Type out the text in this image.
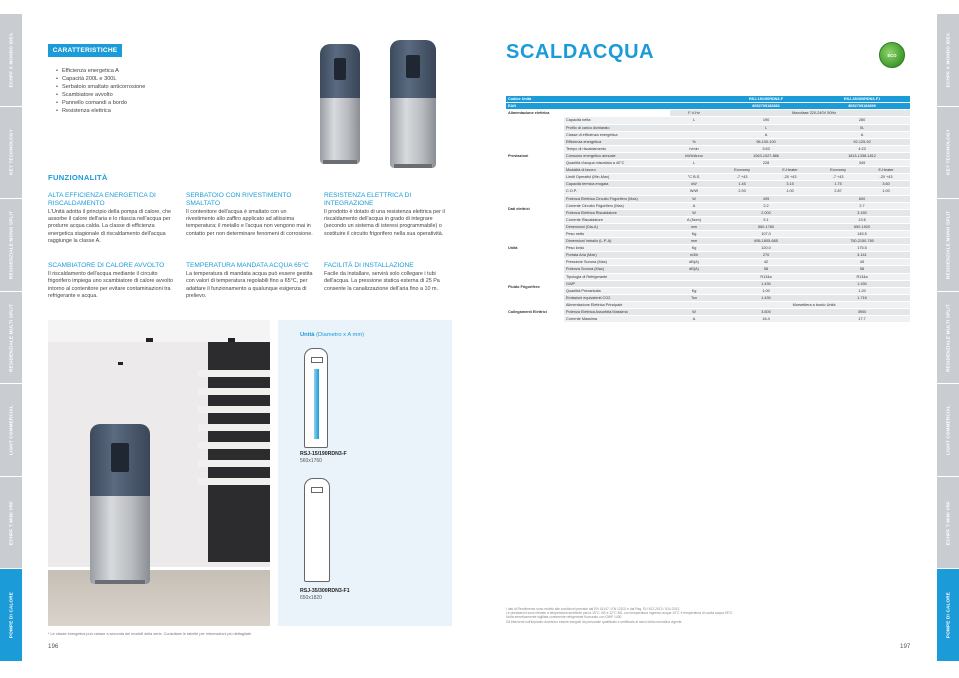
ECHPF X MONDO IDEA
KEY TECHNOLOGY
RESIDENZIALE MONO SPLIT
RESIDENZIALE MULTI SPLIT
LIGHT COMMERCIAL
ECHPF T MINI VRF
POMPE DI CALORE
ECHPF X MONDO IDEA
KEY TECHNOLOGY
RESIDENZIALE MONO SPLIT
RESIDENZIALE MULTI SPLIT
LIGHT COMMERCIAL
ECHPF T MINI VRF
POMPE DI CALORE
CARATTERISTICHE
• Efficienza energetica A
• Capacità 200L e 300L
• Serbatoio smaltato anticorrosione
• Scambiatore avvolto
• Pannello comandi a bordo
• Resistenza elettrica
FUNZIONALITÀ
ALTA EFFICIENZA ENERGETICA DI RISCALDAMENTO

L'Unità adotta il principio della pompa di calore, che assorbe il calore dell'aria e lo rilascia nell'acqua per produrre acqua calda. La classe di efficienza energetica stagionale di riscaldamento dell'acqua raggiunge la classe A.

SERBATOIO CON RIVESTIMENTO SMALTATO

Il contenitore dell'acqua è smaltato con un rivestimento allo zaffiro applicato ad altissima temperatura; il metallo e l'acqua non vengono mai in contatto per non determinare fenomeni di corrosione.

RESISTENZA ELETTRICA DI INTEGRAZIONE

Il prodotto è dotato di una resistenza elettrica per il riscaldamento dell'acqua in grado di integrare (secondo un sistema di isteresi programmabile) o sostituire il circuito frigorifero nella sua operatività.

SCAMBIATORE DI CALORE AVVOLTO

Il riscaldamento dell'acqua mediante il circuito frigorifero impiega uno scambiatore di calore avvolto intorno al contenitore per evitare contaminazioni tra refrigerante e acqua.

TEMPERATURA MANDATA ACQUA 65°C

La temperatura di mandata acqua può essere gestita con valori di temperatura regolabili fino a 65°C, per adattare il funzionamento a qualunque esigenza di prelievo.

FACILITÀ DI INSTALLAZIONE

Facile da installare, servirà solo collegare i tubi dell'acqua. La pressione statica esterna di 25 Pa consente la canalizzazione dell'aria fino a 10 m.

Unità (Diametro x A mm)
RSJ-15/190RDN3-F
560x1760
RSJ-35/300RDN3-F1
650x1820
* Le classe energetica può variare a seconda dei modelli della serie. Consultare le tabelle per informazioni più dettagliate.
196
SCALDACQUA	ECO
Codice Unità			RSJ-15/190RDN3-F		RSJ-35/300RDN3-F1	
EAN			8052705182882		8052705182899	
Alimentazione elettrica		F-V-Hz	Monofase 220-240V 50Hz			
Prestazioni	Capacità netta	L	190		280	
	Profilo di carico dichiarato		L		XL	
	Classe di efficienza energetica		A		A	
	Efficienza energetica	%	96-100-100		92-125-92	
	Tempo di riscaldamento	h/min	3:53		4:23	
	Consumo energetico annuale	kWh/Anno	1063-1027-886		1813-1338-1812	
	Quantità d'acqua miscelata a 40°C	L	228		349	
	Modalità di lavoro		Economy	E-Heater	Economy	E-Heater
	Limiti Operativi (Min-Max)	°C B.S.	-7 +43	-20 +43	-7 +43	-20 +43
	Capacità termica erogata	kW	1.45	3.15	1.75	3.60
	C.O.P.	W/W	2.93	1.00	2.87	1.00
Dati elettrici	Potenza Elettrica Circuito Frigorifero (Max)	W	495		600	
	Corrente Circuito Frigorifero (Max)	A	2.2		2.7	
	Potenza Elettrica Riscaldatore	W	2.000		3.150	
	Corrente Riscaldatore	A (Nom)	9.1		13.6	
Unità	Dimensioni (Dia-A)	mm	560-1760		650-1920	
	Peso netto	Kg	107.0		145.5	
	Dimensioni Imballo (L-P-A)	mm	695-1805-685		750-2150-780	
	Peso lordo	Kg	120.0		175.5	
	Portata Aria (Max)	m3/h	270		4.141	
	Pressione Sonora (Max)	dB(A)	42		45	
	Potenza Sonora (Max)	dB(A)	58		58	
Fluido Frigorifero	Tipologia di Refrigerante		R134a		R134a	
	GWP		1.430		1.430	
	Quantità Precaricata	Kg	1.00		1.20	
	Emissioni equivalenti CO2	Ton	1.430		1.716	
Collegamenti Elettrici	Alimentazione Elettrica Principale		Morsettiera a bordo Unità			
	Potenza Elettrica Assorbita Massima	W	3.500		3900	
	Corrente Massima	A	16.4		17.7	

I dati di Rendimento sono relativi alle condizioni previste dal EN 16147 / EN 12102 e dal Reg. EU 812-2013 / 814-2013.

Le prestazioni sono rilevate a temperatura ambiente pari a 15°C, BS e 12°C BU, con temperatura ingresso acqua 10°C e temperatura di uscita acqua 55°C.

Unità ermeticamente sigillata contenente refrigerante fluorurato con GWP 1430.

Gli interventi sull'impianto dovranno essere eseguiti da personale qualificato e certificato ai sensi della normativa vigente.

197
